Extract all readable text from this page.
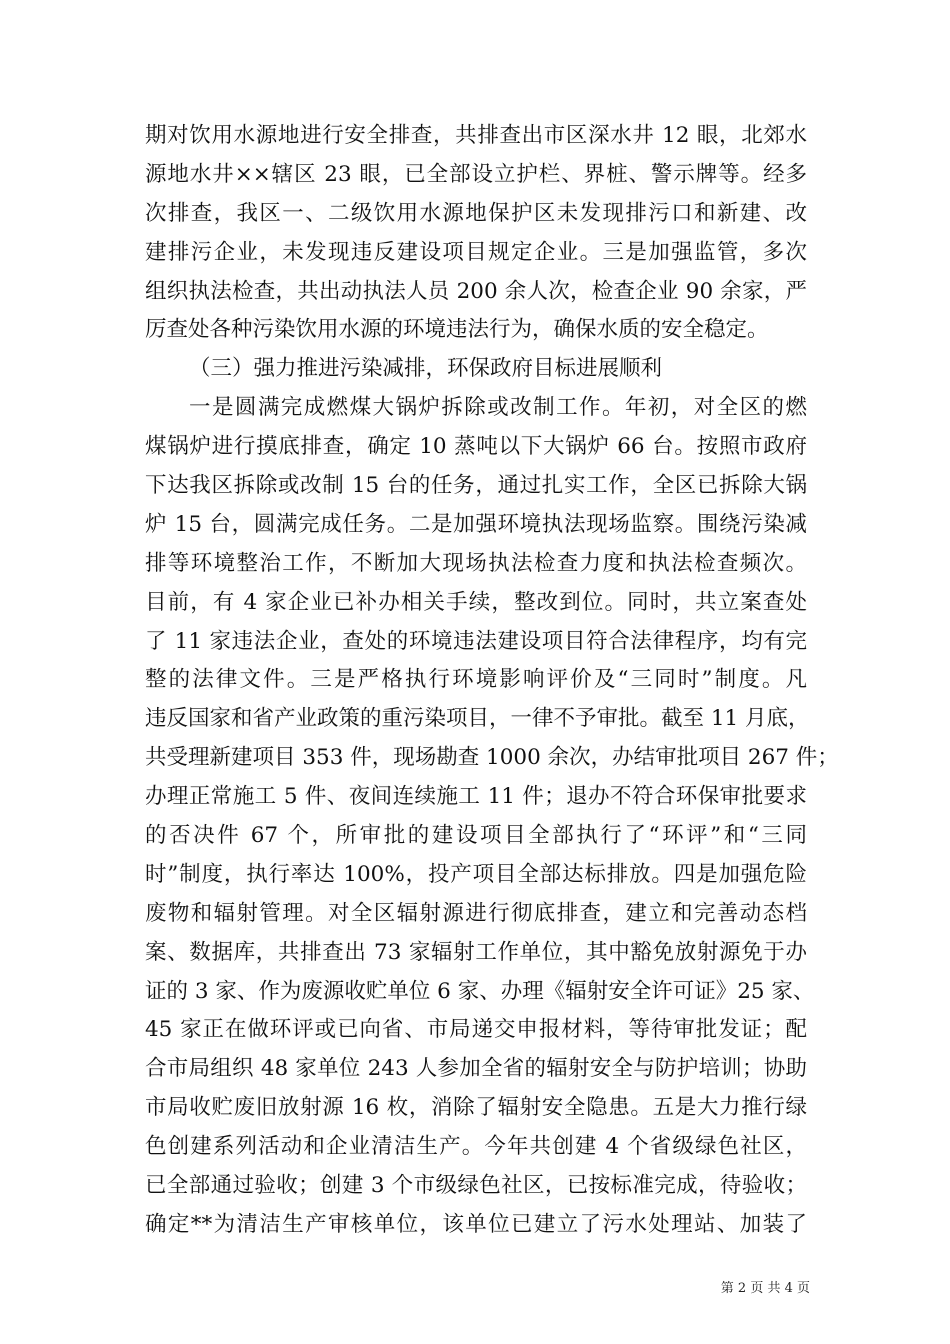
期对饮用水源地进行安全排查，共排查出市区深水井 12 眼，北郊水
源地水井××辖区 23 眼，已全部设立护栏、界桩、警示牌等。经多
次排查，我区一、二级饮用水源地保护区未发现排污口和新建、改
建排污企业，未发现违反建设项目规定企业。三是加强监管，多次
组织执法检查，共出动执法人员 200 余人次，检查企业 90 余家，严
厉查处各种污染饮用水源的环境违法行为，确保水质的安全稳定。
（三）强力推进污染减排，环保政府目标进展顺利
一是圆满完成燃煤大锅炉拆除或改制工作。年初，对全区的燃
煤锅炉进行摸底排查，确定 10 蒸吨以下大锅炉 66 台。按照市政府
下达我区拆除或改制 15 台的任务，通过扎实工作，全区已拆除大锅
炉 15 台，圆满完成任务。二是加强环境执法现场监察。围绕污染减
排等环境整治工作，不断加大现场执法检查力度和执法检查频次。
目前，有 4 家企业已补办相关手续，整改到位。同时，共立案查处
了 11 家违法企业，查处的环境违法建设项目符合法律程序，均有完
整的法律文件。三是严格执行环境影响评价及“三同时”制度。凡
违反国家和省产业政策的重污染项目，一律不予审批。截至 11 月底，
共受理新建项目 353 件，现场勘查 1000 余次，办结审批项目 267 件；
办理正常施工 5 件、夜间连续施工 11 件；退办不符合环保审批要求
的否决件 67 个，所审批的建设项目全部执行了“环评”和“三同
时”制度，执行率达 100%，投产项目全部达标排放。四是加强危险
废物和辐射管理。对全区辐射源进行彻底排查，建立和完善动态档
案、数据库，共排查出 73 家辐射工作单位，其中豁免放射源免于办
证的 3 家、作为废源收贮单位 6 家、办理《辐射安全许可证》25 家、
45 家正在做环评或已向省、市局递交申报材料，等待审批发证；配
合市局组织 48 家单位 243 人参加全省的辐射安全与防护培训；协助
市局收贮废旧放射源 16 枚，消除了辐射安全隐患。五是大力推行绿
色创建系列活动和企业清洁生产。今年共创建 4 个省级绿色社区，
已全部通过验收；创建 3 个市级绿色社区，已按标准完成，待验收；
确定**为清洁生产审核单位，该单位已建立了污水处理站、加装了
第 2 页 共 4 页
